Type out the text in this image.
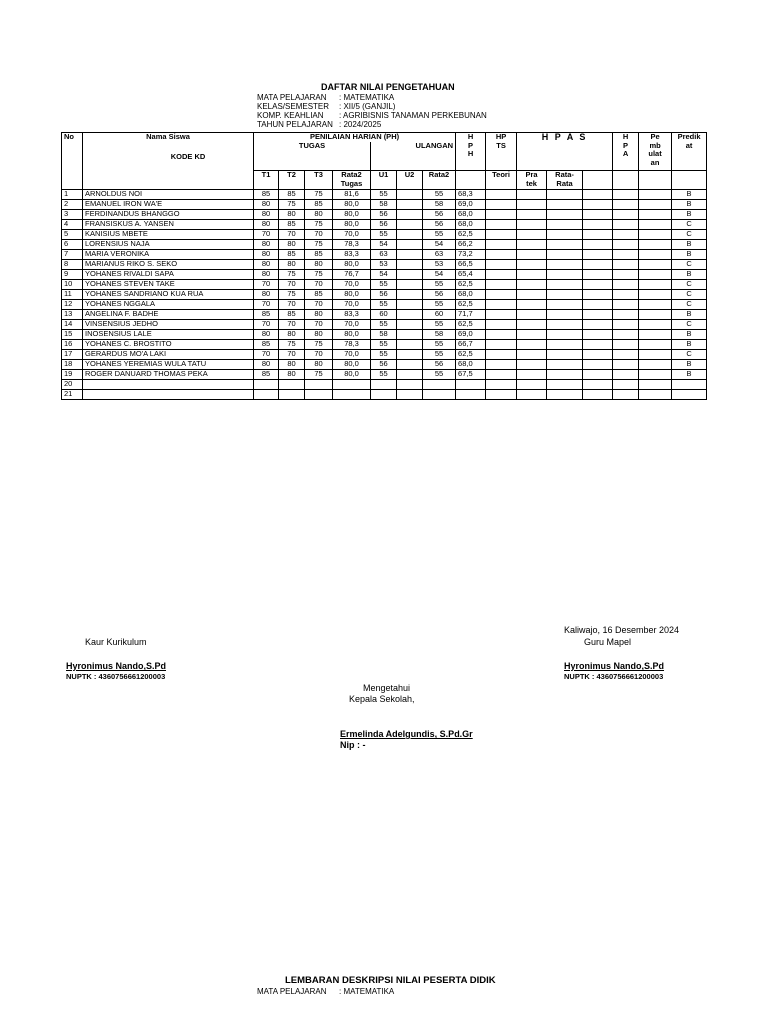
DAFTAR NILAI PENGETAHUAN
MATA PELAJARAN : MATEMATIKA
KELAS/SEMESTER : XII/5 (GANJIL)
KOMP. KEAHLIAN : AGRIBISNIS TANAMAN PERKEBUNAN
TAHUN PELAJARAN : 2024/2025
No	Nama Siswa
KODE KD	PENILAIAN HARIAN (PH)							H P H	HP TS	H P A S			H P A	Pe mb ulat an	Predik at	
		TUGAS				ULANGAN											
		T1	T2	T3	Rata2 Tugas	U1	U2	Rata2		Teori	Pra tek	Rata- Rata					
1	ARNOLDUS NOI	85	85	75	81,6	55		55	68,3							B	
2	EMANUEL IRON WA'E	80	75	85	80,0	58		58	69,0							B	
3	FERDINANDUS BHANGGO	80	80	80	80,0	56		56	68,0							B	
4	FRANSISKUS A. YANSEN	80	85	75	80,0	56		56	68,0							C	
5	KANISIUS MBETE	70	70	70	70,0	55		55	62,5							C	
6	LORENSIUS NAJA	80	80	75	78,3	54		54	66,2							B	
7	MARIA VERONIKA	80	85	85	83,3	63		63	73,2							B	
8	MARIANUS RIKO S. SEKO	80	80	80	80,0	53		53	66,5							C	
9	YOHANES RIVALDI SAPA	80	75	75	76,7	54		54	65,4							B	
10	YOHANES STEVEN TAKE	70	70	70	70,0	55		55	62,5							C	
11	YOHANES SANDRIANO KUA RUA	80	75	85	80,0	56		56	68,0							C	
12	YOHANES NGGALA	70	70	70	70,0	55		55	62,5							C	
13	ANGELINA F. BADHE	85	85	80	83,3	60		60	71,7							B	
14	VINSENSIUS JEDHO	70	70	70	70,0	55		55	62,5							C	
15	INOSENSIUS LALE	80	80	80	80,0	58		58	69,0							B	
16	YOHANES C. BROSTITO	85	75	75	78,3	55		55	66,7							B	
17	GERARDUS MO'A LAKI	70	70	70	70,0	55		55	62,5							C	
18	YOHANES YEREMIAS WULA TATU	80	80	80	80,0	56		56	68,0							B	
19	ROGER DANUARD THOMAS PEKA	85	80	75	80,0	55		55	67,5							B	
20																	
21																	
Kaur Kurikulum
Hyronimus Nando,S.Pd
NUPTK : 4360756661200003
Kaliwajo, 16 Desember 2024
Guru Mapel
Hyronimus Nando,S.Pd
NUPTK : 4360756661200003
Mengetahui
Kepala Sekolah,
Ermelinda Adelgundis, S.Pd.Gr
Nip : -
LEMBARAN DESKRIPSI NILAI PESERTA DIDIK
MATA PELAJARAN : MATEMATIKA
